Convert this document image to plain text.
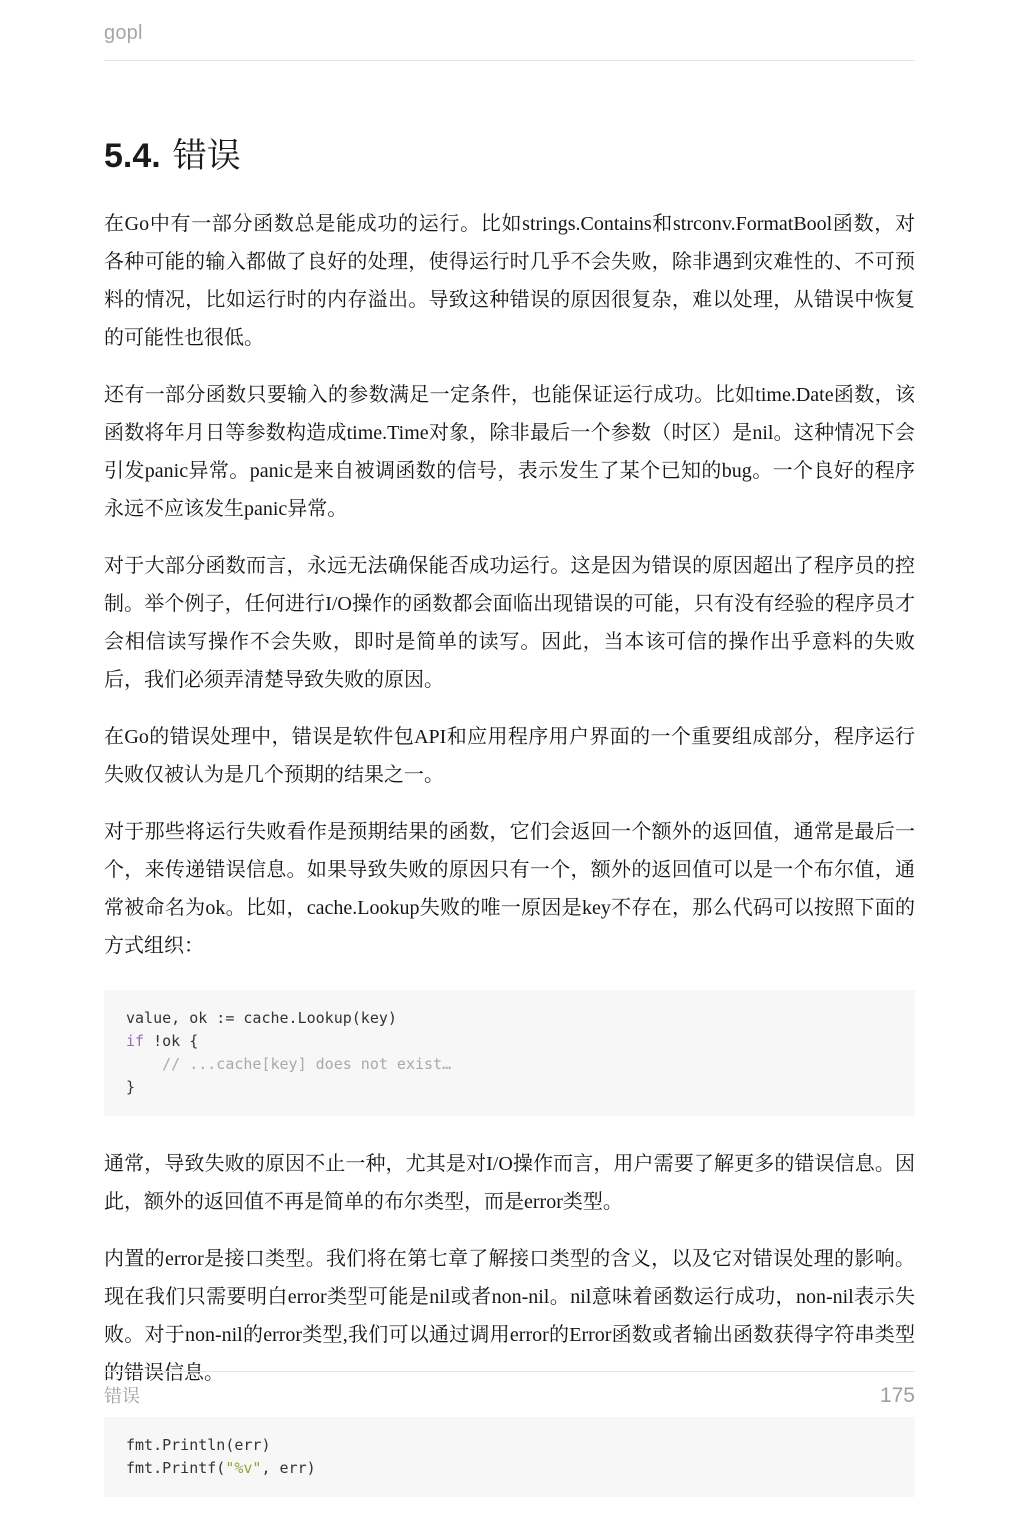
gopl
5.4. 错误

在Go中有一部分函数总是能成功的运行。比如strings.Contains和strconv.FormatBool函数，对各种可能的输入都做了良好的处理，使得运行时几乎不会失败，除非遇到灾难性的、不可预料的情况，比如运行时的内存溢出。导致这种错误的原因很复杂，难以处理，从错误中恢复的可能性也很低。

还有一部分函数只要输入的参数满足一定条件，也能保证运行成功。比如time.Date函数，该函数将年月日等参数构造成time.Time对象，除非最后一个参数（时区）是nil。这种情况下会引发panic异常。panic是来自被调函数的信号，表示发生了某个已知的bug。一个良好的程序永远不应该发生panic异常。

对于大部分函数而言，永远无法确保能否成功运行。这是因为错误的原因超出了程序员的控制。举个例子，任何进行I/O操作的函数都会面临出现错误的可能，只有没有经验的程序员才会相信读写操作不会失败，即时是简单的读写。因此，当本该可信的操作出乎意料的失败后，我们必须弄清楚导致失败的原因。

在Go的错误处理中，错误是软件包API和应用程序用户界面的一个重要组成部分，程序运行失败仅被认为是几个预期的结果之一。

对于那些将运行失败看作是预期结果的函数，它们会返回一个额外的返回值，通常是最后一个，来传递错误信息。如果导致失败的原因只有一个，额外的返回值可以是一个布尔值，通常被命名为ok。比如，cache.Lookup失败的唯一原因是key不存在，那么代码可以按照下面的方式组织：

value, ok := cache.Lookup(key)
if !ok {
// ...cache[key] does not exist…
}

通常，导致失败的原因不止一种，尤其是对I/O操作而言，用户需要了解更多的错误信息。因此，额外的返回值不再是简单的布尔类型，而是error类型。

内置的error是接口类型。我们将在第七章了解接口类型的含义，以及它对错误处理的影响。现在我们只需要明白error类型可能是nil或者non-nil。nil意味着函数运行成功，non-nil表示失败。对于non-nil的error类型,我们可以通过调用error的Error函数或者输出函数获得字符串类型的错误信息。

fmt.Println(err)
fmt.Printf("%v", err)
错误	175
